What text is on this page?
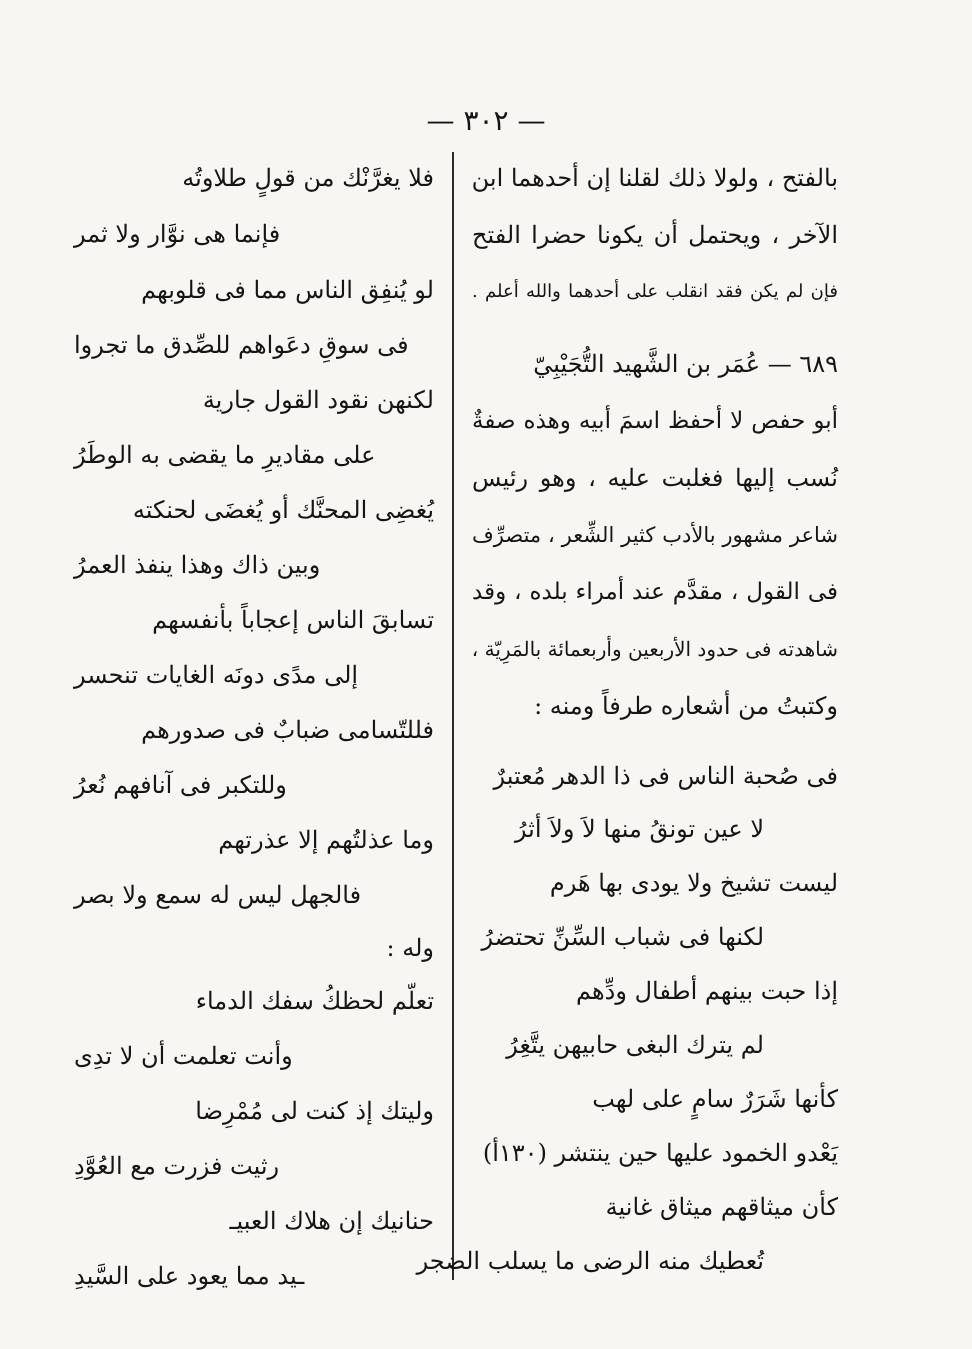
— ٣٠٢ —
بالفتح ، ولولا ذلك لقلنا إن أحدهما ابن
الآخر ، ويحتمل أن يكونا حضرا الفتح
فإن لم يكن فقد انقلب على أحدهما والله أعلم .
٦٨٩ — عُمَر بن الشَّهيد التُّجَيْبِيّ
أبو حفص لا أحفظ اسمَ أبيه وهذه صفةٌ
نُسب إليها فغلبت عليه ، وهو رئيس
شاعر مشهور بالأدب كثير الشِّعر ، متصرِّف
فى القول ، مقدَّم عند أمراء بلده ، وقد
شاهدته فى حدود الأربعين وأربعمائة بالمَرِيّة ،
وكتبتُ من أشعاره طرفاً ومنه :
فى صُحبة الناس فى ذا الدهر مُعتبرٌ
لا عين تونقُ منها لاَ ولاَ أثرُ
ليست تشيخ ولا يودى بها هَرم
لكنها فى شباب السِّنِّ تحتضرُ
إذا حبت بينهم أطفال ودِّهم
لم يترك البغى حابيهن يتَّغِرُ
كأنها شَرَرٌ سامٍ على لهب
يَعْدو الخمود عليها حين ينتشر (١٣٠أ)
كأن ميثاقهم ميثاق غانية
تُعطيك منه الرضى ما يسلب الضجر
فلا يغرَّنْك من قولٍ طلاوتُه
فإنما هى نوَّار ولا ثمر
لو يُنفِق الناس مما فى قلوبهم
فى سوقِ دعَواهم للصِّدق ما تجروا
لكنهن نقود القول جارية
على مقاديرِ ما يقضى به الوطَرُ
يُغضِى المحنَّك أو يُغضَى لحنكته
وبين ذاك وهذا ينفذ العمرُ
تسابقَ الناس إعجاباً بأنفسهم
إلى مدًى دونَه الغايات تنحسر
فللتّسامى ضبابٌ فى صدورهم
وللتكبر فى آنافهم نُعرُ
وما عذلتُهم إلا عذرتهم
فالجهل ليس له سمع ولا بصر
وله :
تعلّم لحظكُ سفك الدماء
وأنت تعلمت أن لا تدِى
وليتك إذ كنت لى مُمْرِضا
رثيت فزرت مع العُوَّدِ
حنانيك إن هلاك العبيـ
ـيد مما يعود على السَّيدِ
